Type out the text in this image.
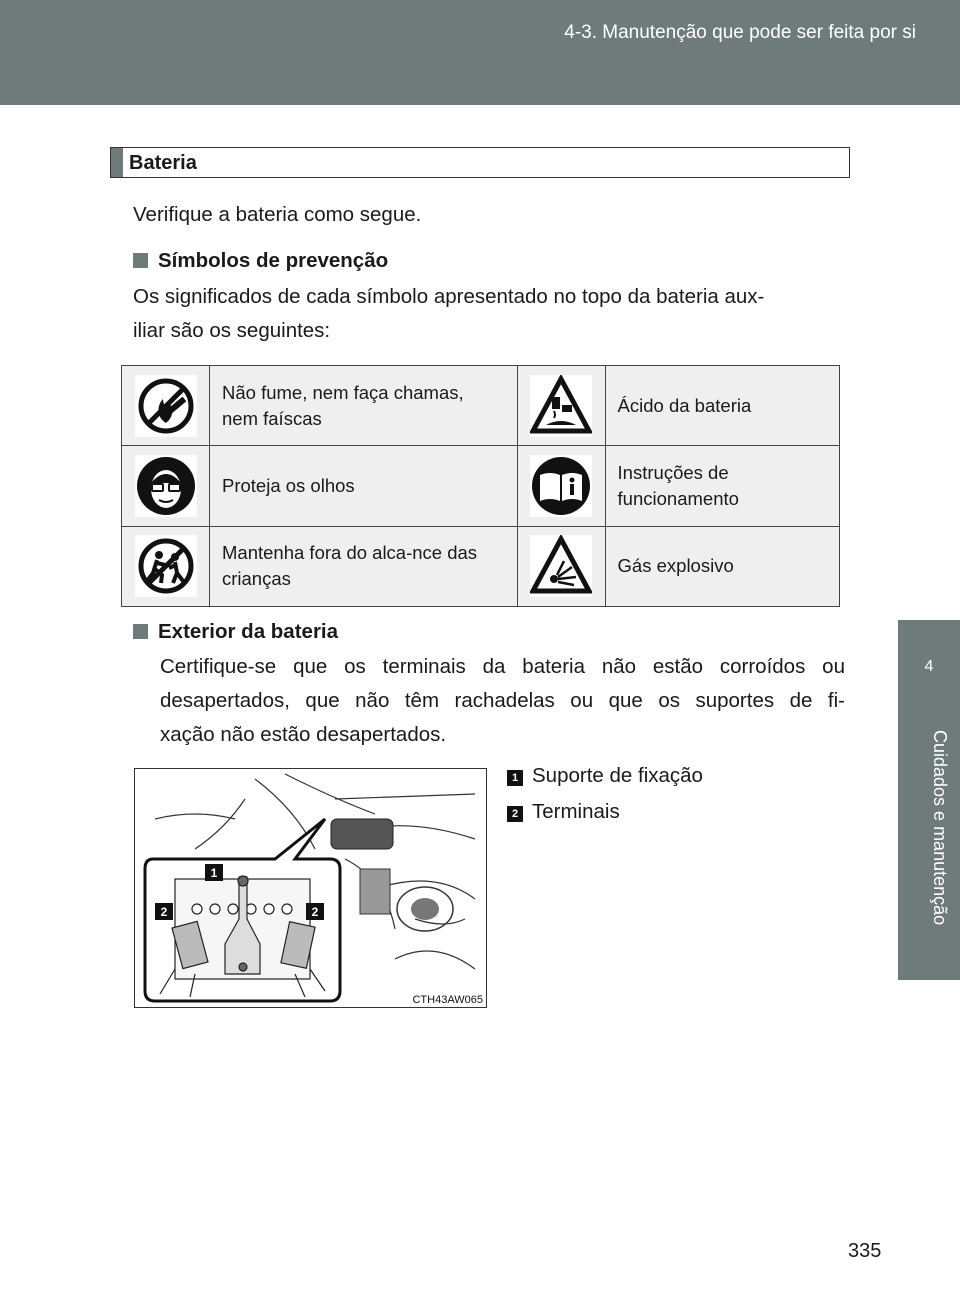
4-3. Manutenção que pode ser feita por si
4
Cuidados e manutenção
Bateria
Verifique a bateria como segue.
Símbolos de prevenção
Os significados de cada símbolo apresentado no topo da bateria aux-
iliar são os seguintes:
	Não fume, nem faça chamas, nem faíscas		Ácido da bateria

	Proteja os olhos		Instruções de funcionamento

	Mantenha fora do alca-nce das crianças		Gás explosivo
Exterior da bateria
Certifique-se que os terminais da bateria não estão corroídos ou
desapertados, que não têm rachadelas ou que os suportes de fi-
xação não estão desapertados.
1
2	2
CTH43AW065
1 Suporte de fixação
2 Terminais
335
